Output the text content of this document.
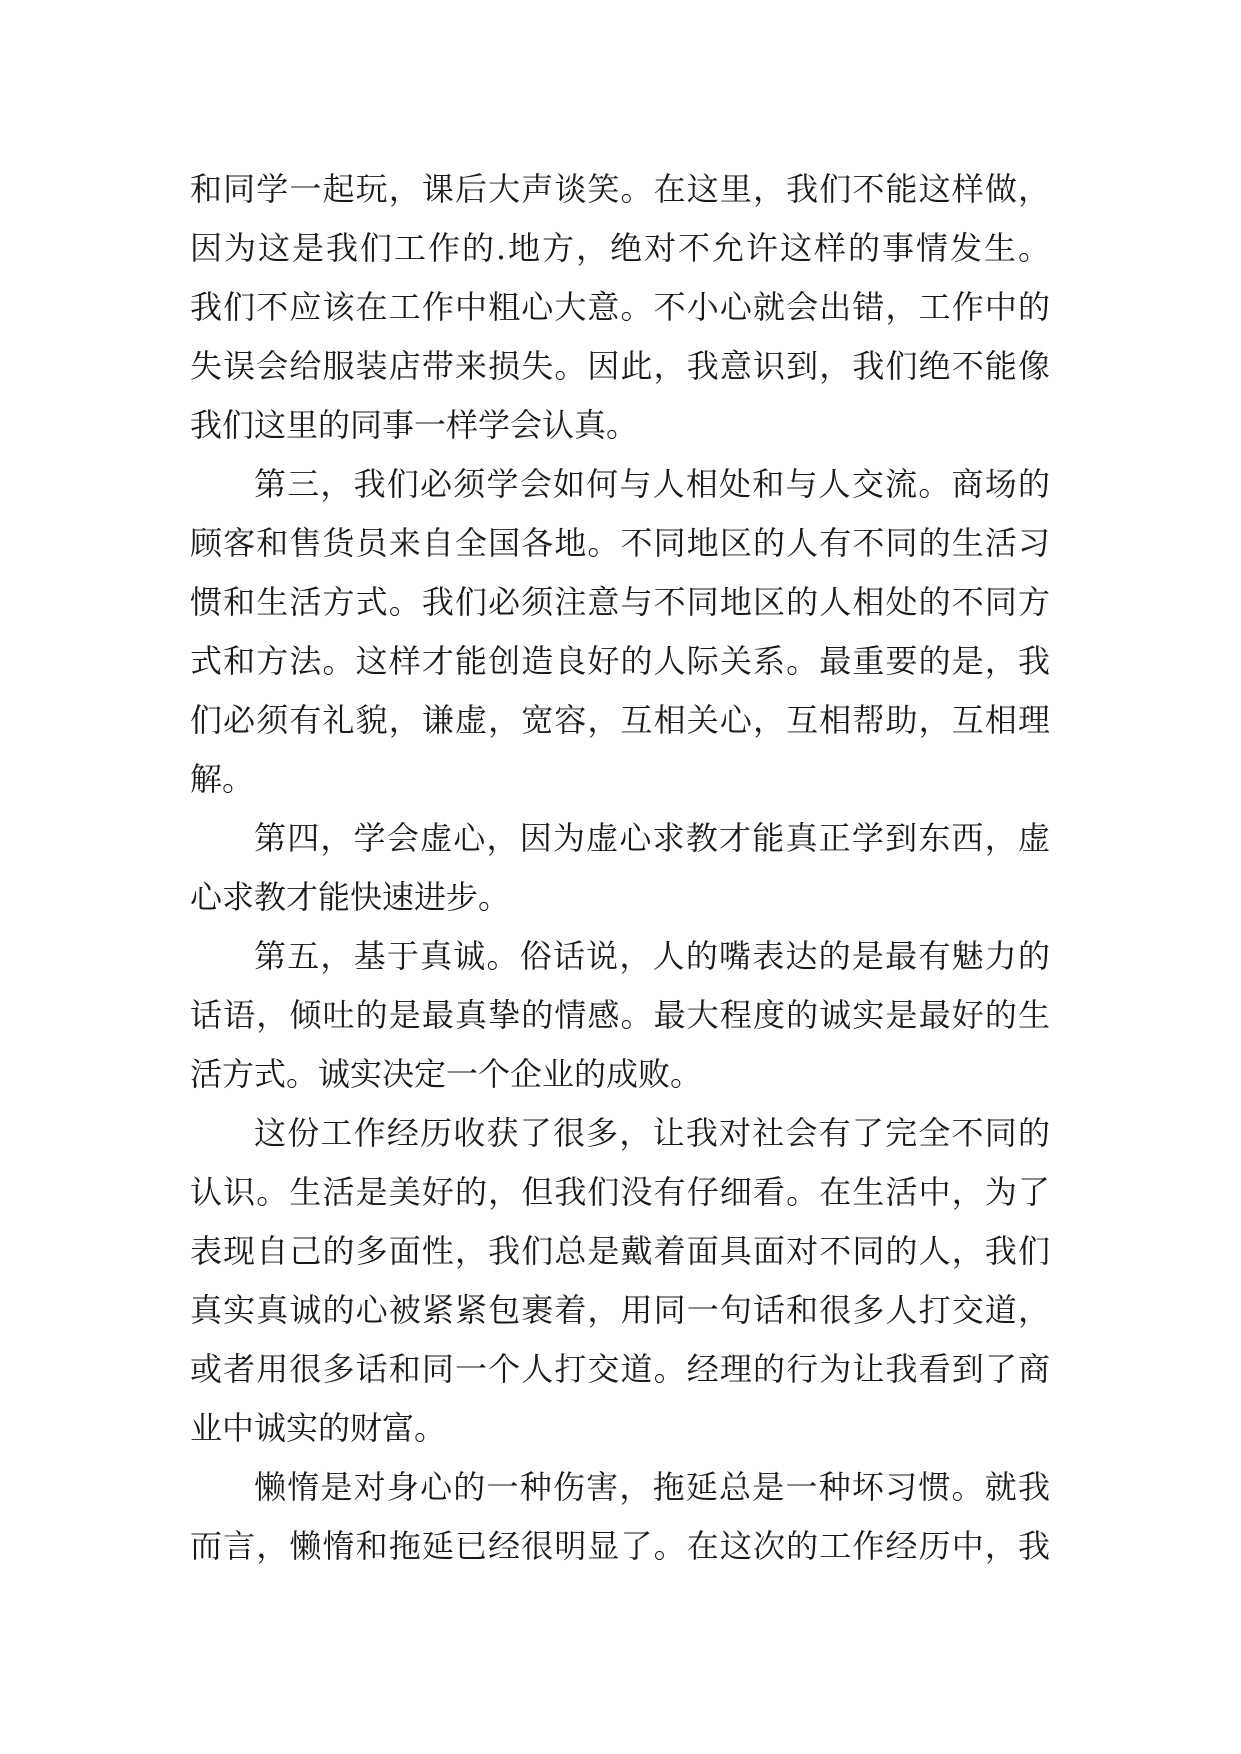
和同学一起玩，课后大声谈笑。在这里，我们不能这样做，
因为这是我们工作的.地方，绝对不允许这样的事情发生。
我们不应该在工作中粗心大意。不小心就会出错，工作中的
失误会给服装店带来损失。因此，我意识到，我们绝不能像
我们这里的同事一样学会认真。
第三，我们必须学会如何与人相处和与人交流。商场的
顾客和售货员来自全国各地。不同地区的人有不同的生活习
惯和生活方式。我们必须注意与不同地区的人相处的不同方
式和方法。这样才能创造良好的人际关系。最重要的是，我
们必须有礼貌，谦虚，宽容，互相关心，互相帮助，互相理
解。
第四，学会虚心，因为虚心求教才能真正学到东西，虚
心求教才能快速进步。
第五，基于真诚。俗话说，人的嘴表达的是最有魅力的
话语，倾吐的是最真挚的情感。最大程度的诚实是最好的生
活方式。诚实决定一个企业的成败。
这份工作经历收获了很多，让我对社会有了完全不同的
认识。生活是美好的，但我们没有仔细看。在生活中，为了
表现自己的多面性，我们总是戴着面具面对不同的人，我们
真实真诚的心被紧紧包裹着，用同一句话和很多人打交道，
或者用很多话和同一个人打交道。经理的行为让我看到了商
业中诚实的财富。
懒惰是对身心的一种伤害，拖延总是一种坏习惯。就我
而言，懒惰和拖延已经很明显了。在这次的工作经历中，我
